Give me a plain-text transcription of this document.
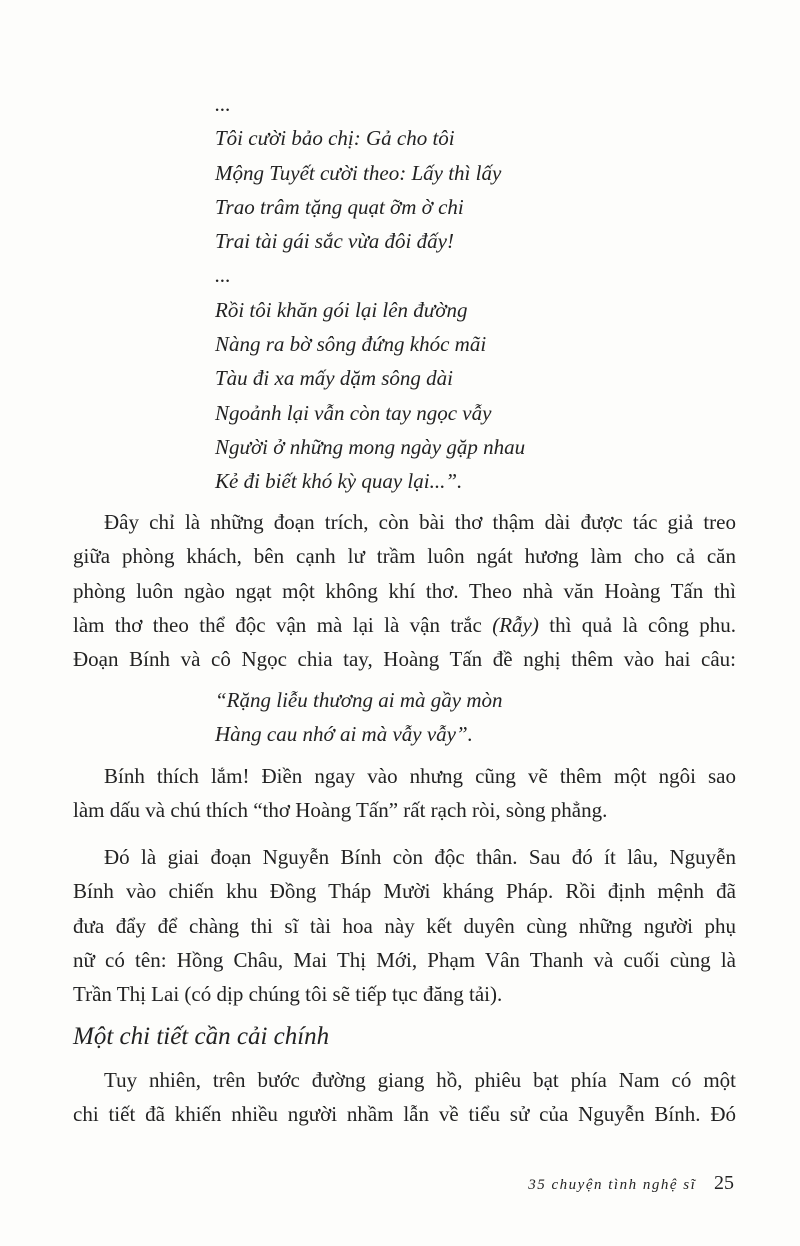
...
Tôi cười bảo chị: Gả cho tôi
Mộng Tuyết cười theo: Lấy thì lấy
Trao trâm tặng quạt ỡm ờ chi
Trai tài gái sắc vừa đôi đấy!
...
Rồi tôi khăn gói lại lên đường
Nàng ra bờ sông đứng khóc mãi
Tàu đi xa mấy dặm sông dài
Ngoảnh lại vẫn còn tay ngọc vẫy
Người ở những mong ngày gặp nhau
Kẻ đi biết khó kỳ quay lại...”.
Đây chỉ là những đoạn trích, còn bài thơ thậm dài được tác giả treo
giữa phòng khách, bên cạnh lư trầm luôn ngát hương làm cho cả căn
phòng luôn ngào ngạt một không khí thơ. Theo nhà văn Hoàng Tấn thì
làm thơ theo thể độc vận mà lại là vận trắc (Rẫy) thì quả là công phu.
Đoạn Bính và cô Ngọc chia tay, Hoàng Tấn đề nghị thêm vào hai câu:
“Rặng liễu thương ai mà gầy mòn
Hàng cau nhớ ai mà vẫy vẫy”.
Bính thích lắm! Điền ngay vào nhưng cũng vẽ thêm một ngôi sao
làm dấu và chú thích “thơ Hoàng Tấn” rất rạch ròi, sòng phẳng.
Đó là giai đoạn Nguyễn Bính còn độc thân. Sau đó ít lâu, Nguyễn
Bính vào chiến khu Đồng Tháp Mười kháng Pháp. Rồi định mệnh đã
đưa đẩy để chàng thi sĩ tài hoa này kết duyên cùng những người phụ
nữ có tên: Hồng Châu, Mai Thị Mới, Phạm Vân Thanh và cuối cùng là
Trần Thị Lai (có dịp chúng tôi sẽ tiếp tục đăng tải).
Một chi tiết cần cải chính
Tuy nhiên, trên bước đường giang hồ, phiêu bạt phía Nam có một
chi tiết đã khiến nhiều người nhầm lẫn về tiểu sử của Nguyễn Bính. Đó
35 chuyện tình nghệ sĩ 25
